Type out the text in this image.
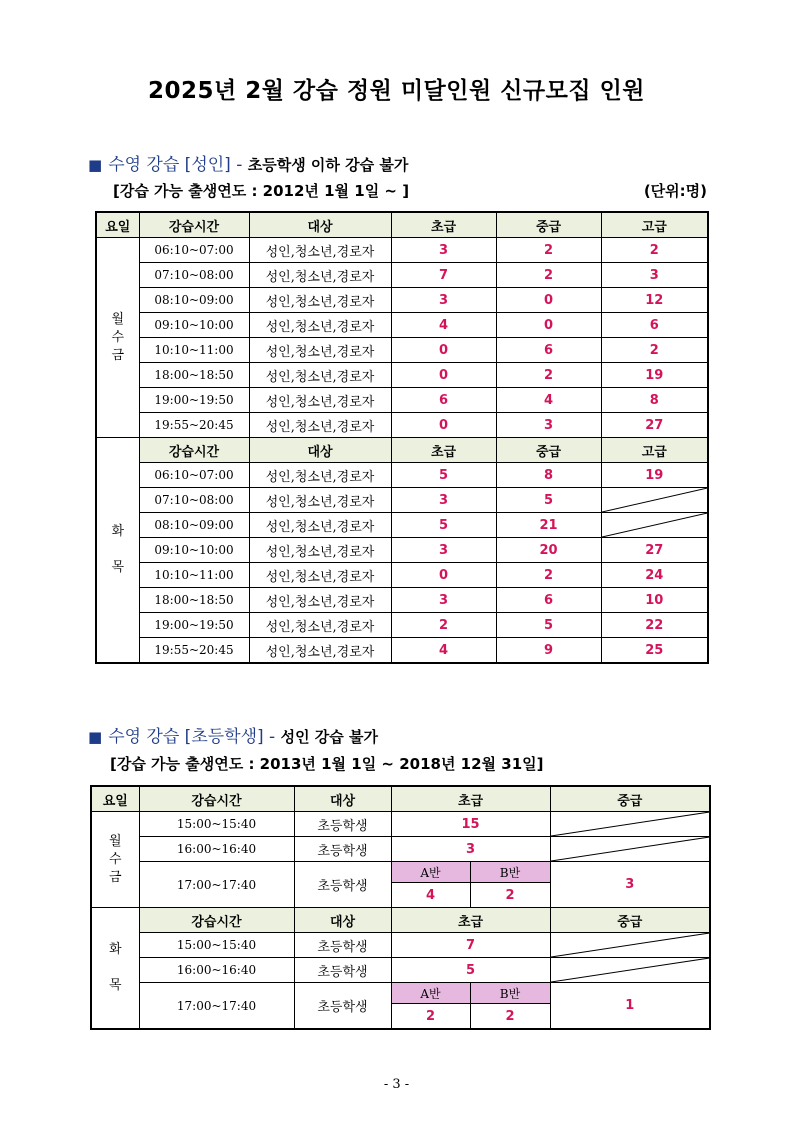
2025년 2월 강습 정원 미달인원 신규모집 인원
■ 수영 강습 [성인] - 초등학생 이하 강습 불가
[강습 가능 출생연도 : 2012년 1월 1일 ~ ]	(단위:명)
요일	강습시간	대상	초급	중급	고급

월
수
금	06:10~07:00	성인,청소년,경로자	3	2	2
	07:10~08:00	성인,청소년,경로자	7	2	3
	08:10~09:00	성인,청소년,경로자	3	0	12
	09:10~10:00	성인,청소년,경로자	4	0	6
	10:10~11:00	성인,청소년,경로자	0	6	2
	18:00~18:50	성인,청소년,경로자	0	2	19
	19:00~19:50	성인,청소년,경로자	6	4	8
	19:55~20:45	성인,청소년,경로자	0	3	27

화
목	강습시간	대상	초급	중급	고급
	06:10~07:00	성인,청소년,경로자	5	8	19
	07:10~08:00	성인,청소년,경로자	3	5	

	08:10~09:00	성인,청소년,경로자	5	21	

	09:10~10:00	성인,청소년,경로자	3	20	27
	10:10~11:00	성인,청소년,경로자	0	2	24
	18:00~18:50	성인,청소년,경로자	3	6	10
	19:00~19:50	성인,청소년,경로자	2	5	22
	19:55~20:45	성인,청소년,경로자	4	9	25
■ 수영 강습 [초등학생] - 성인 강습 불가
[강습 가능 출생연도 : 2013년 1월 1일 ~ 2018년 12월 31일]
요일	강습시간	대상	초급		중급

월
수
금	15:00~15:40	초등학생	15	

	16:00~16:40	초등학생	3	

	17:00~17:40	초등학생	A반	B반	3
			4	2	

화
목	강습시간	대상	초급		중급
	15:00~15:40	초등학생	7	

	16:00~16:40	초등학생	5	

	17:00~17:40	초등학생	A반	B반	1
			2	2	
- 3 -
